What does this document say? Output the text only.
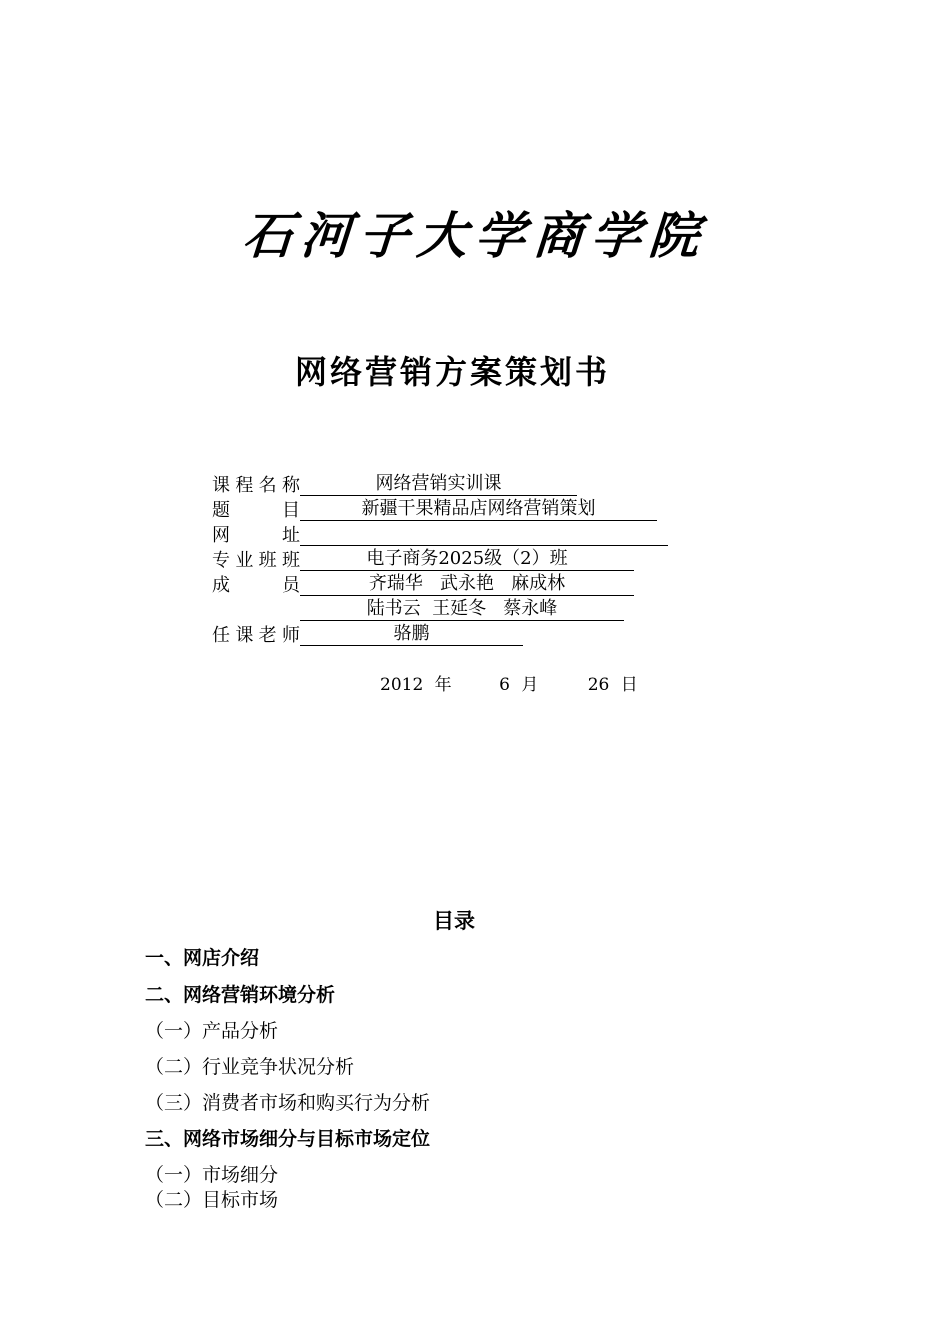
石河子大学商学院
网络营销方案策划书
课 程 名 称	网络营销实训课
题	目	新疆干果精品店网络营销策划
网	址
专 业 班 班	电子商务2025级（2）班
成	员	齐瑞华   武永艳   麻成林
陆书云  王延冬   蔡永峰
任 课 老 师	骆鹏
2012 年	6 月	26 日
目录
一、网店介绍
二、网络营销环境分析
（一）产品分析
（二）行业竞争状况分析
（三）消费者市场和购买行为分析
三、网络市场细分与目标市场定位
（一）市场细分
（二）目标市场
